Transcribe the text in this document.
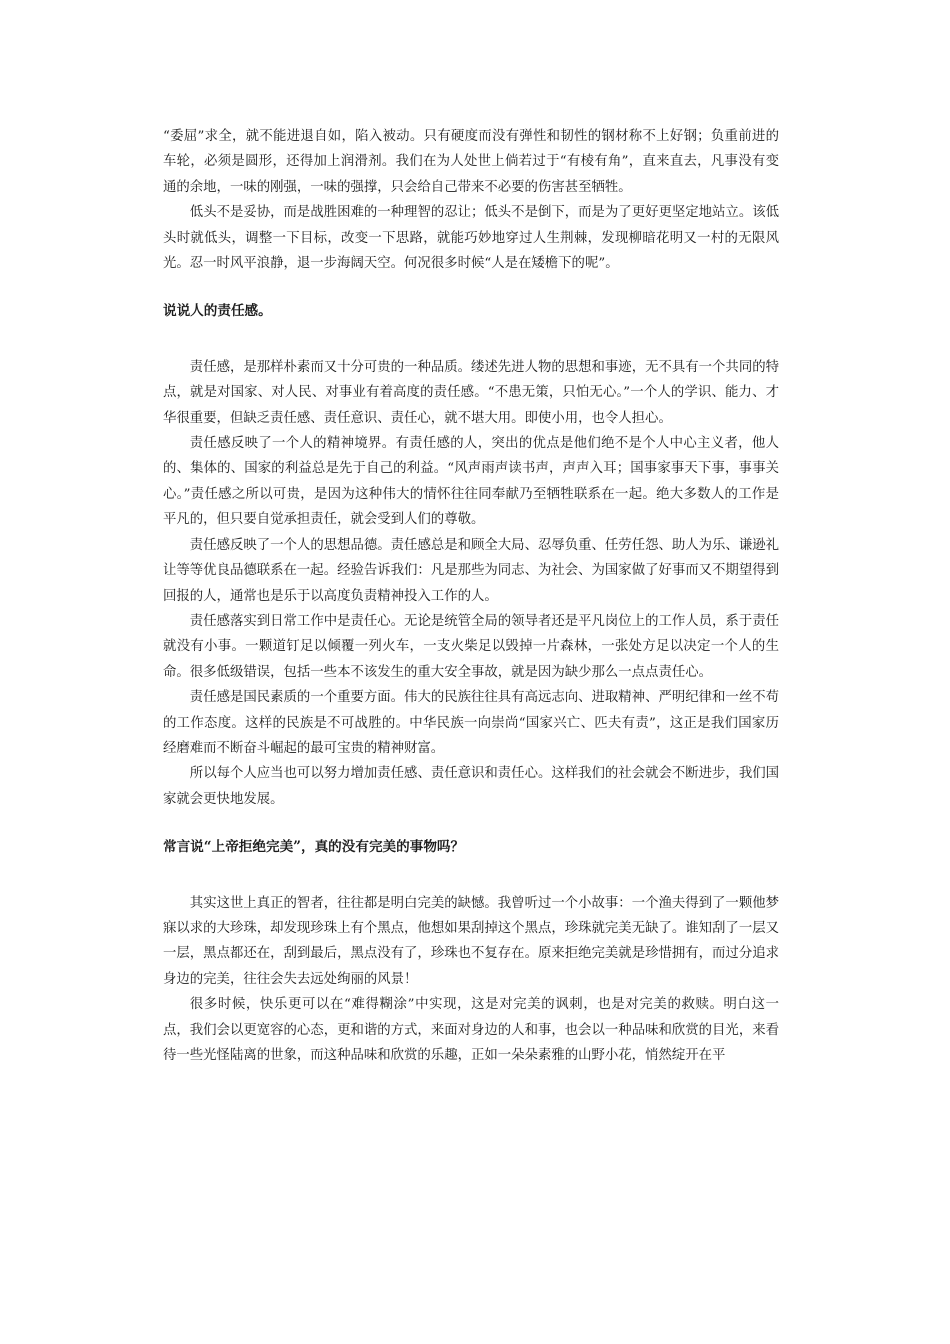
“委屈”求全，就不能进退自如，陷入被动。只有硬度而没有弹性和韧性的钢材称不上好钢；负重前进的车轮，必须是圆形，还得加上润滑剂。我们在为人处世上倘若过于“有棱有角”，直来直去，凡事没有变通的余地，一味的刚强，一味的强撑，只会给自己带来不必要的伤害甚至牺牲。

低头不是妥协，而是战胜困难的一种理智的忍让；低头不是倒下，而是为了更好更坚定地站立。该低头时就低头，调整一下目标，改变一下思路，就能巧妙地穿过人生荆棘，发现柳暗花明又一村的无限风光。忍一时风平浪静，退一步海阔天空。何况很多时候“人是在矮檐下的呢”。

说说人的责任感。

责任感，是那样朴素而又十分可贵的一种品质。缕述先进人物的思想和事迹，无不具有一个共同的特点，就是对国家、对人民、对事业有着高度的责任感。“不患无策，只怕无心。”一个人的学识、能力、才华很重要，但缺乏责任感、责任意识、责任心，就不堪大用。即使小用，也令人担心。

责任感反映了一个人的精神境界。有责任感的人，突出的优点是他们绝不是个人中心主义者，他人的、集体的、国家的利益总是先于自己的利益。“风声雨声读书声，声声入耳；国事家事天下事，事事关心。”责任感之所以可贵，是因为这种伟大的情怀往往同奉献乃至牺牲联系在一起。绝大多数人的工作是平凡的，但只要自觉承担责任，就会受到人们的尊敬。

责任感反映了一个人的思想品德。责任感总是和顾全大局、忍辱负重、任劳任怨、助人为乐、谦逊礼让等等优良品德联系在一起。经验告诉我们：凡是那些为同志、为社会、为国家做了好事而又不期望得到回报的人，通常也是乐于以高度负责精神投入工作的人。

责任感落实到日常工作中是责任心。无论是统管全局的领导者还是平凡岗位上的工作人员，系于责任就没有小事。一颗道钉足以倾覆一列火车，一支火柴足以毁掉一片森林，一张处方足以决定一个人的生命。很多低级错误，包括一些本不该发生的重大安全事故，就是因为缺少那么一点点责任心。

责任感是国民素质的一个重要方面。伟大的民族往往具有高远志向、进取精神、严明纪律和一丝不苟的工作态度。这样的民族是不可战胜的。中华民族一向崇尚“国家兴亡、匹夫有责”，这正是我们国家历经磨难而不断奋斗崛起的最可宝贵的精神财富。

所以每个人应当也可以努力增加责任感、责任意识和责任心。这样我们的社会就会不断进步，我们国家就会更快地发展。

常言说“上帝拒绝完美”，真的没有完美的事物吗？

其实这世上真正的智者，往往都是明白完美的缺憾。我曾听过一个小故事：一个渔夫得到了一颗他梦寐以求的大珍珠，却发现珍珠上有个黑点，他想如果刮掉这个黑点，珍珠就完美无缺了。谁知刮了一层又一层，黑点都还在，刮到最后，黑点没有了，珍珠也不复存在。原来拒绝完美就是珍惜拥有，而过分追求身边的完美，往往会失去远处绚丽的风景！

很多时候，快乐更可以在“难得糊涂”中实现，这是对完美的讽刺，也是对完美的救赎。明白这一点，我们会以更宽容的心态，更和谐的方式，来面对身边的人和事，也会以一种品味和欣赏的目光，来看待一些光怪陆离的世象，而这种品味和欣赏的乐趣，正如一朵朵素雅的山野小花，悄然绽开在平
